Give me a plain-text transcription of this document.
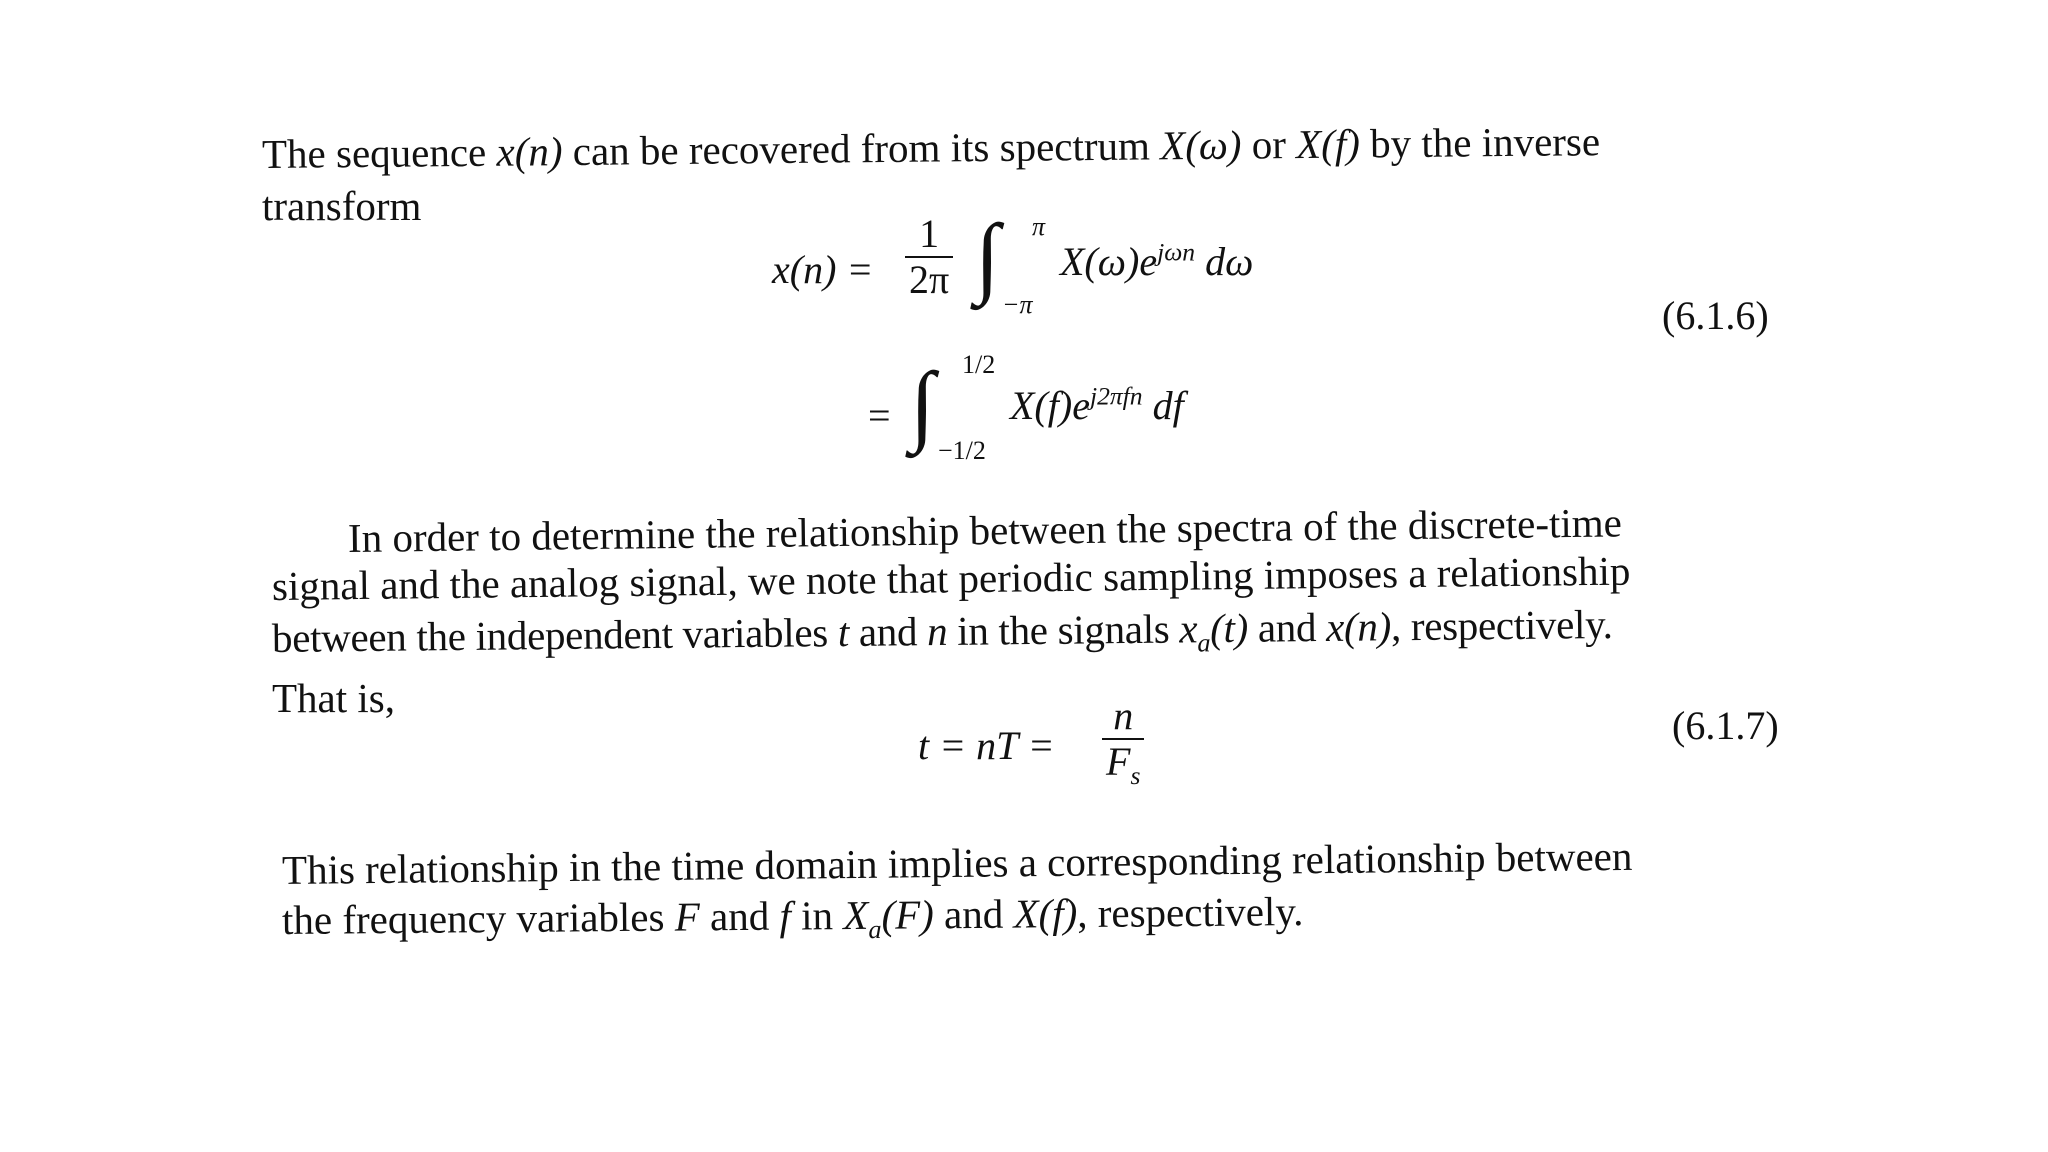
The sequence x(n) can be recovered from its spectrum X(ω) or X(f) by the inverse
transform
$x(n) = \frac{1}{2\pi}$ ∫ π
−π
$X(\omega)e^{j\omega n}$ dω
= ∫ 1/2
−1/2
$X(f)e^{j2\pi fn}$ df
(6.1.6)
In order to determine the relationship between the spectra of the discrete-time
signal and the analog signal, we note that periodic sampling imposes a relationship
between the independent variables t and n in the signals $x_a(t)$ and x(n), respectively.
That is,
t = nT = $\frac{n}{F_s}$	(6.1.7)
This relationship in the time domain implies a corresponding relationship between
the frequency variables F and f in $X_a(F)$ and X(f), respectively.
